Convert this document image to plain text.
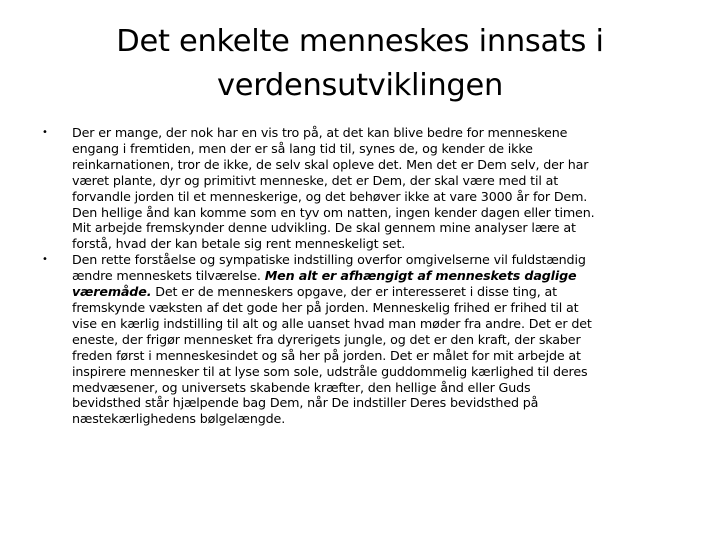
Det enkelte menneskes innsats i
verdensutviklingen
•	Der er mange, der nok har en vis tro på, at det kan blive bedre for menneskene
engang i fremtiden, men der er så lang tid til, synes de, og kender de ikke
reinkarnationen, tror de ikke, de selv skal opleve det. Men det er Dem selv, der har
været plante, dyr og primitivt menneske, det er Dem, der skal være med til at
forvandle jorden til et menneskerige, og det behøver ikke at vare 3000 år for Dem.
Den hellige ånd kan komme som en tyv om natten, ingen kender dagen eller timen.
Mit arbejde fremskynder denne udvikling. De skal gennem mine analyser lære at
forstå, hvad der kan betale sig rent menneskeligt set.
•	Den rette forståelse og sympatiske indstilling overfor omgivelserne vil fuldstændig
ændre menneskets tilværelse. Men alt er afhængigt af menneskets daglige
væremåde. Det er de menneskers opgave, der er interesseret i disse ting, at
fremskynde væksten af det gode her på jorden. Menneskelig frihed er frihed til at
vise en kærlig indstilling til alt og alle uanset hvad man møder fra andre. Det er det
eneste, der frigør mennesket fra dyrerigets jungle, og det er den kraft, der skaber
freden først i menneskesindet og så her på jorden. Det er målet for mit arbejde at
inspirere mennesker til at lyse som sole, udstråle guddommelig kærlighed til deres
medvæsener, og universets skabende kræfter, den hellige ånd eller Guds
bevidsthed står hjælpende bag Dem, når De indstiller Deres bevidsthed på
næstekærlighedens bølgelængde.
